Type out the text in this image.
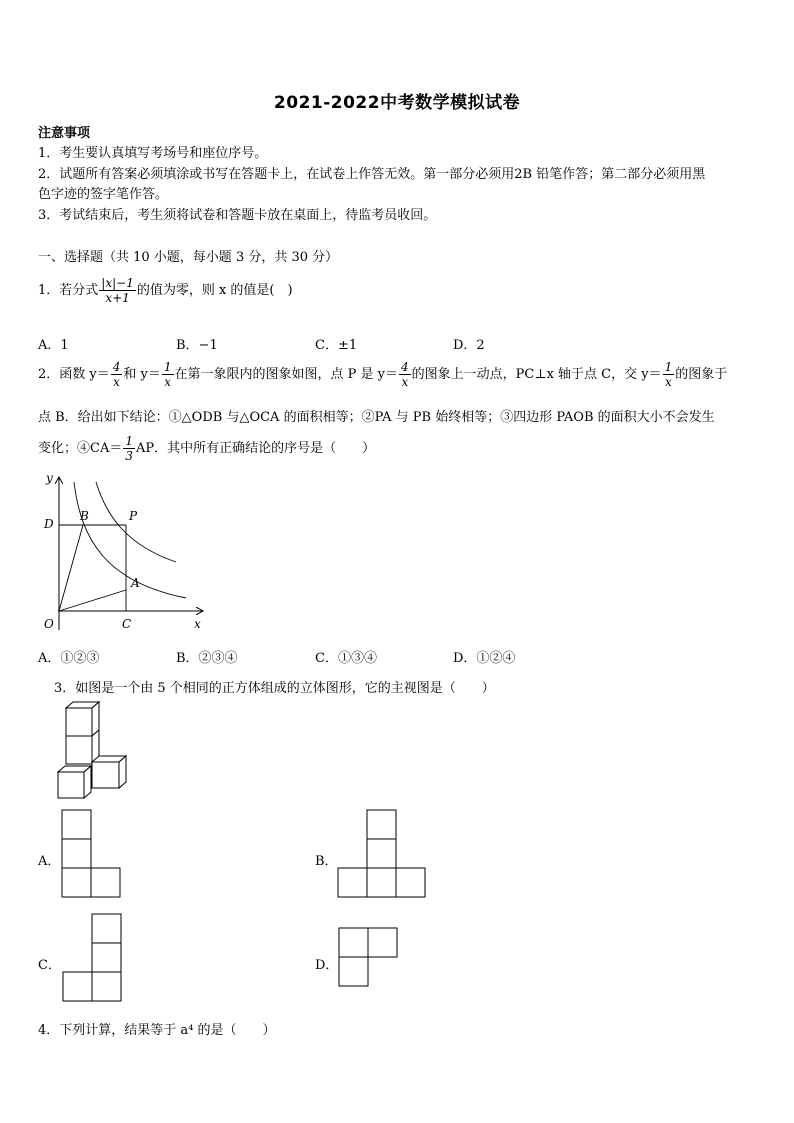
2021-2022中考数学模拟试卷
注意事项
1．考生要认真填写考场号和座位序号。
2．试题所有答案必须填涂或书写在答题卡上，在试卷上作答无效。第一部分必须用2B 铅笔作答；第二部分必须用黑
色字迹的签字笔作答。
3．考试结束后，考生须将试卷和答题卡放在桌面上，待监考员收回。
一、选择题（共 10 小题，每小题 3 分，共 30 分）
1．若分式 $\frac{|x|-1}{x+1}$ 的值为零，则 x 的值是(　)
A．1	B．−1	C．±1	D．2
2．函数 $y= \frac{4}{x}$ 和 $y= \frac{1}{x}$ 在第一象限内的图象如图，点 P 是 $y= \frac{4}{x}$ 的图象上一动点，PC⊥x 轴于点 C，交 $y= \frac{1}{x}$ 的图象于
点 B．给出如下结论：①△ODB 与△OCA 的面积相等；②PA 与 PB 始终相等；③四边形 PAOB 的面积大小不会发生
变化；④CA＝ $\frac{1}{3}$ AP．其中所有正确结论的序号是（　　）
y
x
O
D
B	P
A
C
A．①②③	B．②③④	C．①③④	D．①②④
3．如图是一个由 5 个相同的正方体组成的立体图形，它的主视图是（　　）
A．	B．
C．	D．
4．下列计算，结果等于 a⁴ 的是（　　）
